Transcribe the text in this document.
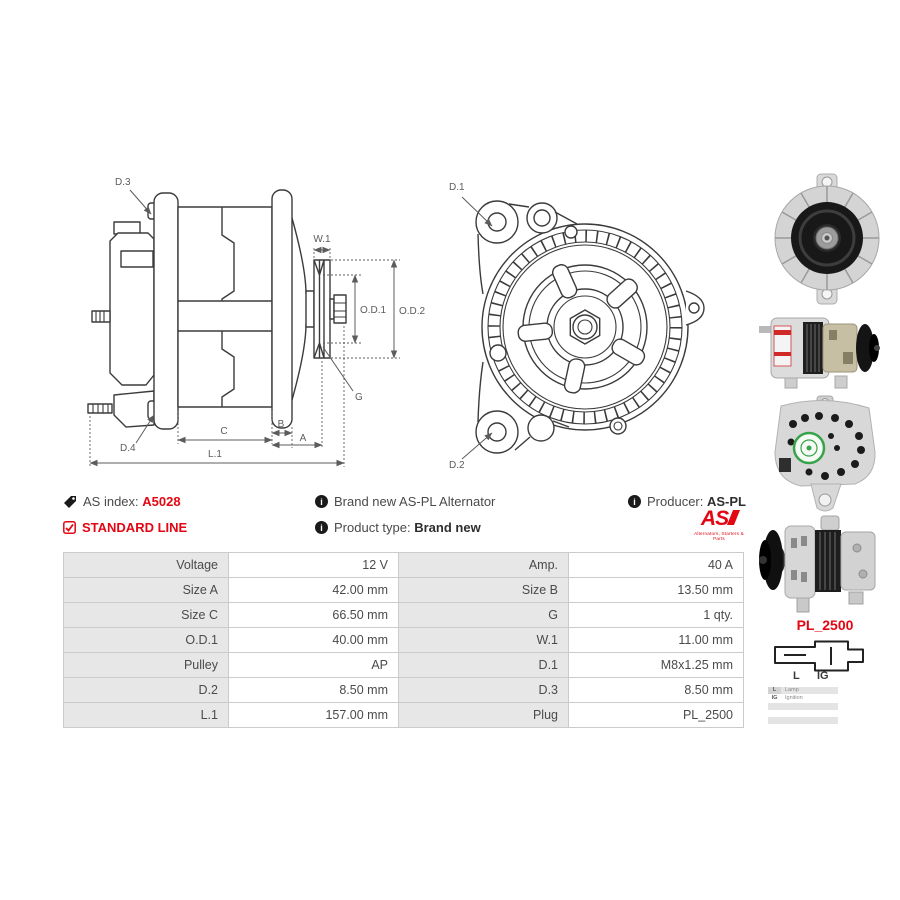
W.1
O.D.1 O.D.2
G
D.3
D.4
C
B
A
L.1
D.1
D.2
AS index:
A5028	i Brand new AS-PL Alternator	i Producer:
AS-PL
STANDARD LINE	i Product type:
Brand new	AS
Alternators, Starters & Parts
Voltage	12 V	Amp.	40 A
Size A	42.00 mm	Size B	13.50 mm
Size C	66.50 mm	G	1 qty.
O.D.1	40.00 mm	W.1	11.00 mm
Pulley	AP	D.1	M8x1.25 mm
D.2	8.50 mm	D.3	8.50 mm
L.1	157.00 mm	Plug	PL_2500
PL_2500
L IG
L	Lamp
IG	Ignition
